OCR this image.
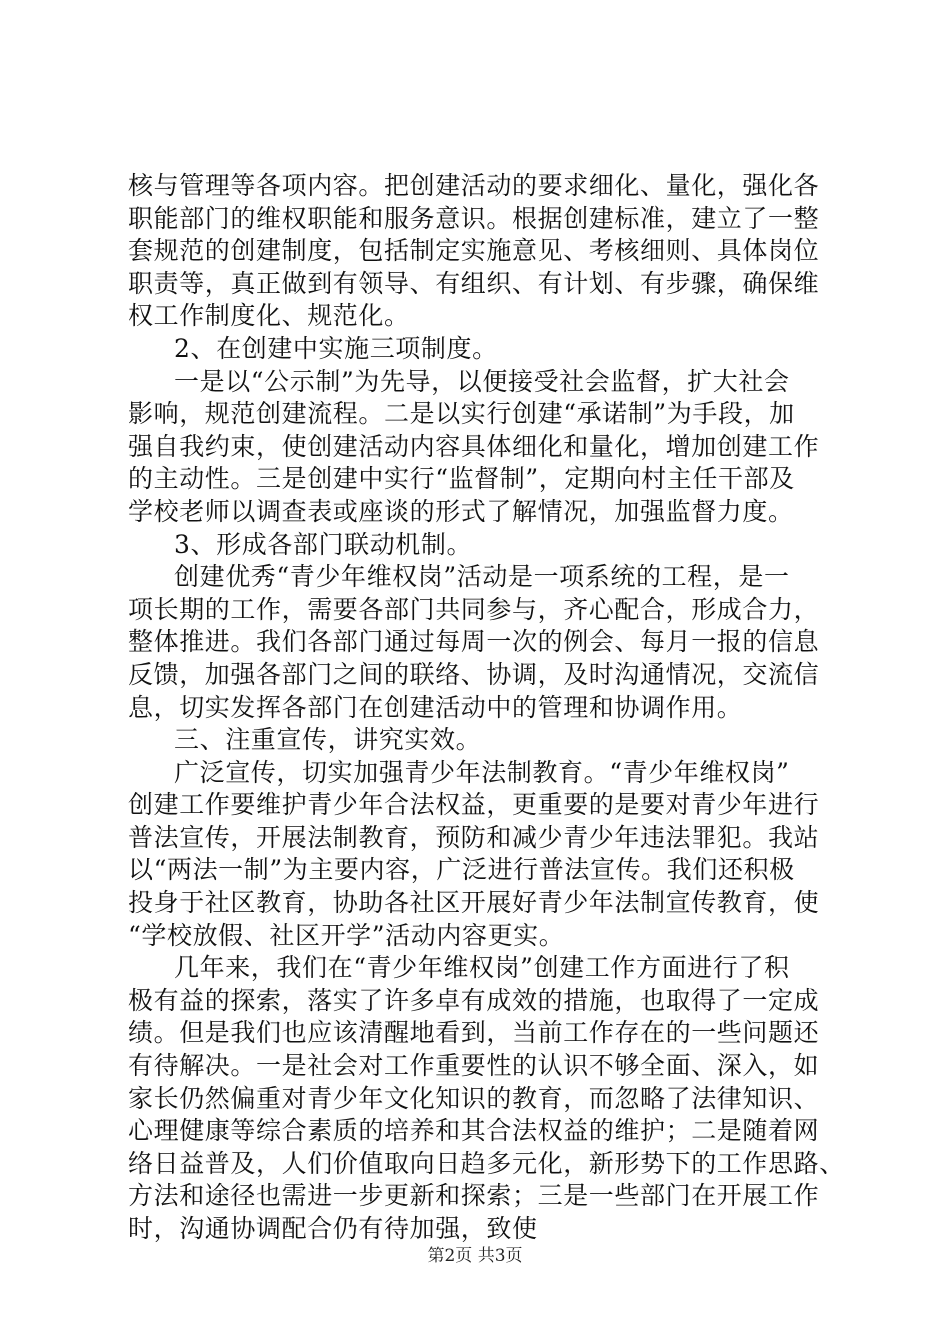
核与管理等各项内容。把创建活动的要求细化、量化，强化各
职能部门的维权职能和服务意识。根据创建标准，建立了一整
套规范的创建制度，包括制定实施意见、考核细则、具体岗位
职责等，真正做到有领导、有组织、有计划、有步骤，确保维
权工作制度化、规范化。
2、在创建中实施三项制度。
一是以“公示制”为先导，以便接受社会监督，扩大社会
影响，规范创建流程。二是以实行创建“承诺制”为手段，加
强自我约束，使创建活动内容具体细化和量化，增加创建工作
的主动性。三是创建中实行“监督制”，定期向村主任干部及
学校老师以调查表或座谈的形式了解情况，加强监督力度。
3、形成各部门联动机制。
创建优秀“青少年维权岗”活动是一项系统的工程，是一
项长期的工作，需要各部门共同参与，齐心配合，形成合力，
整体推进。我们各部门通过每周一次的例会、每月一报的信息
反馈，加强各部门之间的联络、协调，及时沟通情况，交流信
息，切实发挥各部门在创建活动中的管理和协调作用。
三、注重宣传，讲究实效。
广泛宣传，切实加强青少年法制教育。“青少年维权岗”
创建工作要维护青少年合法权益，更重要的是要对青少年进行
普法宣传，开展法制教育，预防和减少青少年违法罪犯。我站
以“两法一制”为主要内容，广泛进行普法宣传。我们还积极
投身于社区教育，协助各社区开展好青少年法制宣传教育，使
“学校放假、社区开学”活动内容更实。
几年来，我们在“青少年维权岗”创建工作方面进行了积
极有益的探索，落实了许多卓有成效的措施，也取得了一定成
绩。但是我们也应该清醒地看到，当前工作存在的一些问题还
有待解决。一是社会对工作重要性的认识不够全面、深入，如
家长仍然偏重对青少年文化知识的教育，而忽略了法律知识、
心理健康等综合素质的培养和其合法权益的维护；二是随着网
络日益普及，人们价值取向日趋多元化，新形势下的工作思路、
方法和途径也需进一步更新和探索；三是一些部门在开展工作
时，沟通协调配合仍有待加强，致使
第2页 共3页
